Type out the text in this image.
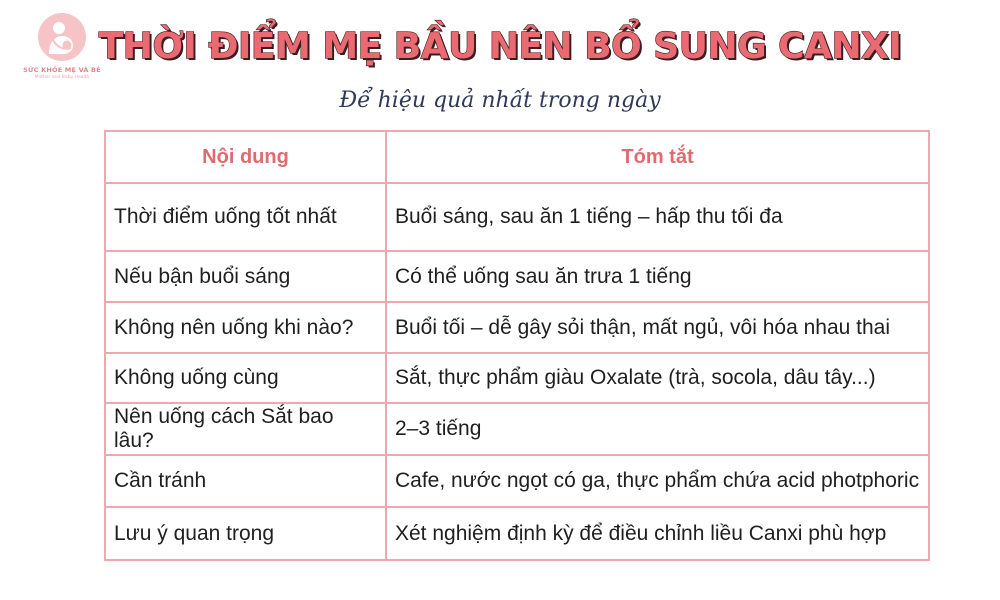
SỨC KHỎE MẸ VÀ BÉ
Mother and Baby Health
THỜI ĐIỂM MẸ BẦU NÊN BỔ SUNG CANXI
Để hiệu quả nhất trong ngày
Nội dung	Tóm tắt
Thời điểm uống tốt nhất	Buổi sáng, sau ăn 1 tiếng – hấp thu tối đa
Nếu bận buổi sáng	Có thể uống sau ăn trưa 1 tiếng
Không nên uống khi nào?	Buổi tối – dễ gây sỏi thận, mất ngủ, vôi hóa nhau thai
Không uống cùng	Sắt, thực phẩm giàu Oxalate (trà, socola, dâu tây...)
Nên uống cách Sắt bao lâu?	2–3 tiếng
Cần tránh	Cafe, nước ngọt có ga, thực phẩm chứa acid photphoric
Lưu ý quan trọng	Xét nghiệm định kỳ để điều chỉnh liều Canxi phù hợp
